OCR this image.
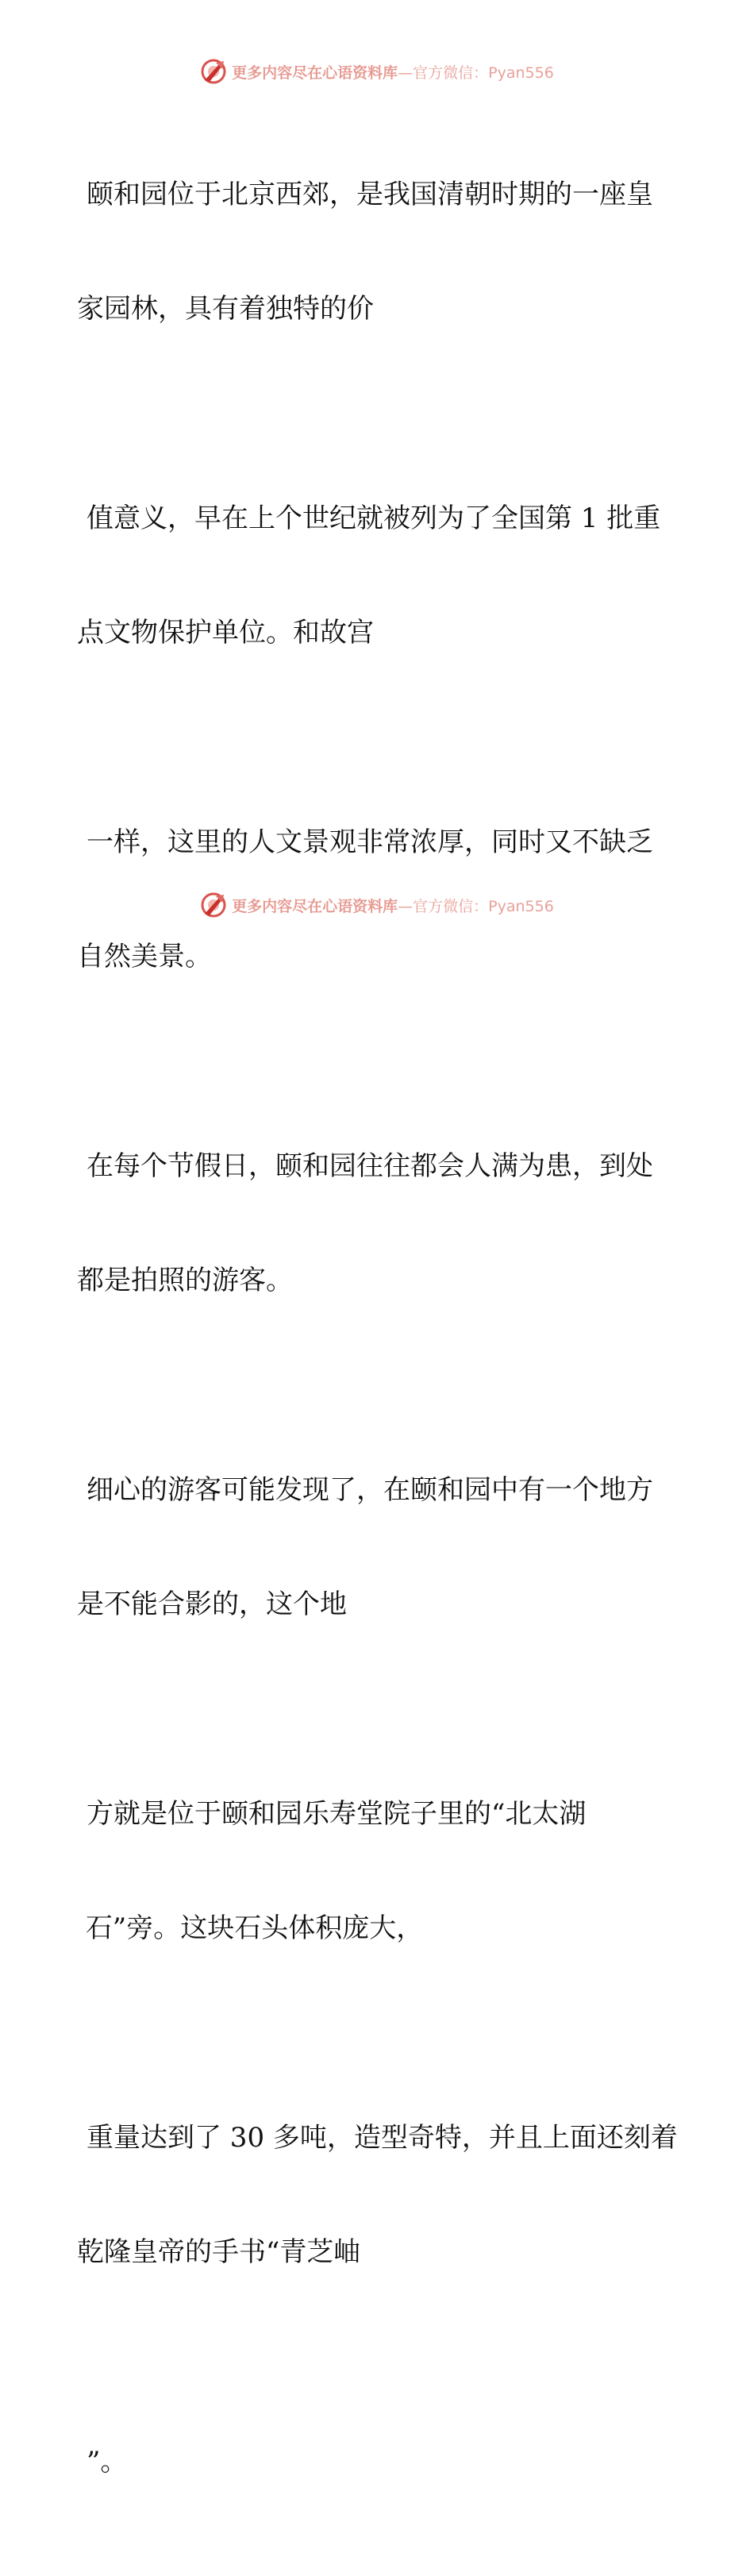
更多内容尽在心语资料库—官方微信：Pyan556

颐和园位于北京西郊，是我国清朝时期的一座皇

家园林，具有着独特的价

值意义，早在上个世纪就被列为了全国第 1 批重

点文物保护单位。和故宫

一样，这里的人文景观非常浓厚，同时又不缺乏

自然美景。

在每个节假日，颐和园往往都会人满为患，到处

都是拍照的游客。

细心的游客可能发现了，在颐和园中有一个地方

是不能合影的，这个地

方就是位于颐和园乐寿堂院子里的“北太湖

石”旁。这块石头体积庞大，

重量达到了 30 多吨，造型奇特，并且上面还刻着

乾隆皇帝的手书“青芝岫

”。

更多内容尽在心语资料库—官方微信：Pyan556
